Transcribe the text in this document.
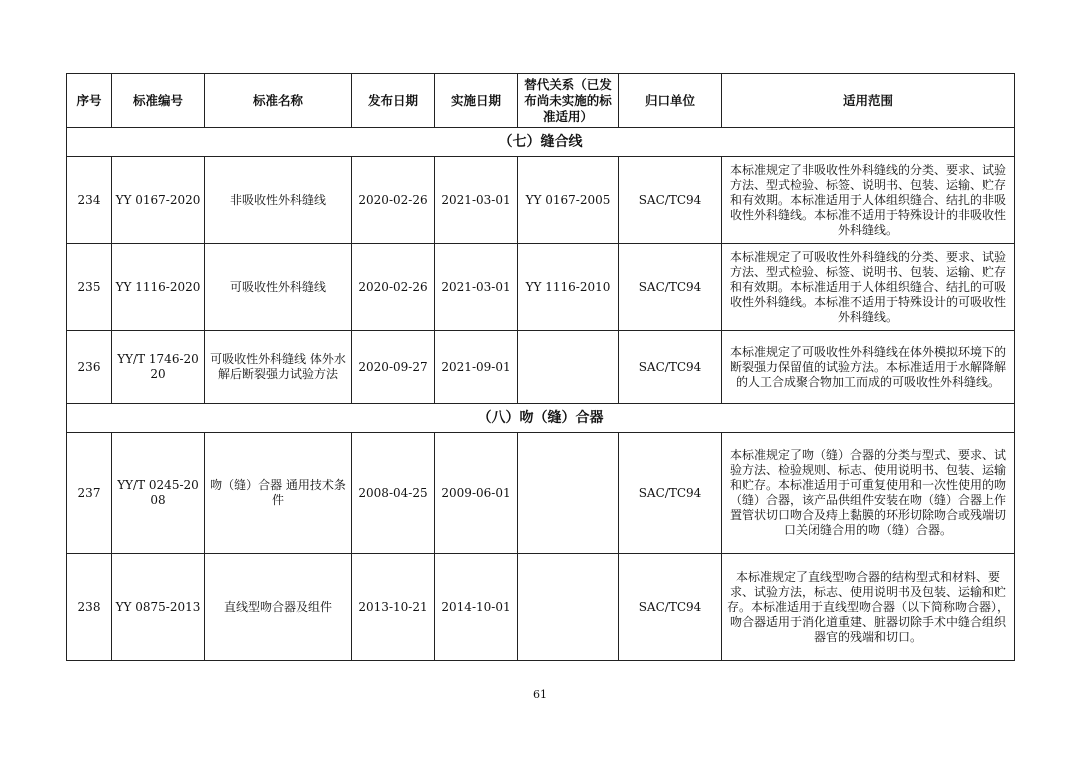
序号	标准编号	标准名称	发布日期	实施日期	替代关系（已发布尚未实施的标准适用）	归口单位	适用范围
（七）缝合线							
234	YY 0167-2020	非吸收性外科缝线	2020-02-26	2021-03-01	YY 0167-2005	SAC/TC94	本标准规定了非吸收性外科缝线的分类、要求、试验方法、型式检验、标签、说明书、包装、运输、贮存和有效期。本标准适用于人体组织缝合、结扎的非吸收性外科缝线。本标准不适用于特殊设计的非吸收性外科缝线。
235	YY 1116-2020	可吸收性外科缝线	2020-02-26	2021-03-01	YY 1116-2010	SAC/TC94	本标准规定了可吸收性外科缝线的分类、要求、试验方法、型式检验、标签、说明书、包装、运输、贮存和有效期。本标准适用于人体组织缝合、结扎的可吸收性外科缝线。本标准不适用于特殊设计的可吸收性外科缝线。
236	YY/T 1746-2020	可吸收性外科缝线 体外水解后断裂强力试验方法	2020-09-27	2021-09-01		SAC/TC94	本标准规定了可吸收性外科缝线在体外模拟环境下的断裂强力保留值的试验方法。本标准适用于水解降解的人工合成聚合物加工而成的可吸收性外科缝线。
（八）吻（缝）合器							
237	YY/T 0245-2008	吻（缝）合器 通用技术条件	2008-04-25	2009-06-01		SAC/TC94	本标准规定了吻（缝）合器的分类与型式、要求、试验方法、检验规则、标志、使用说明书、包装、运输和贮存。本标准适用于可重复使用和一次性使用的吻（缝）合器，该产品供组件安装在吻（缝）合器上作置管状切口吻合及痔上黏膜的环形切除吻合或残端切口关闭缝合用的吻（缝）合器。
238	YY 0875-2013	直线型吻合器及组件	2013-10-21	2014-10-01		SAC/TC94	本标准规定了直线型吻合器的结构型式和材料、要求、试验方法，标志、使用说明书及包装、运输和贮存。本标准适用于直线型吻合器（以下简称吻合器），吻合器适用于消化道重建、脏器切除手术中缝合组织器官的残端和切口。
61
